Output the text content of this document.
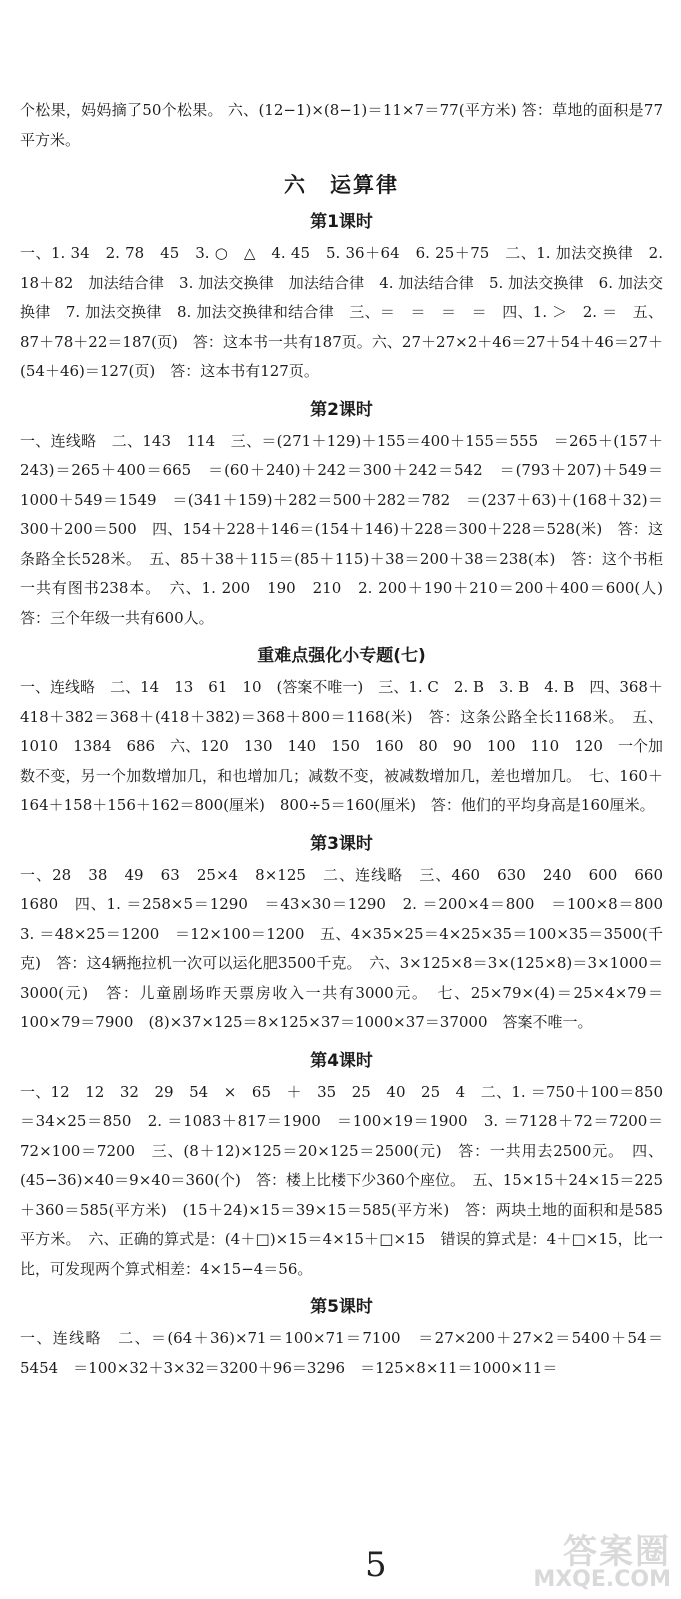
个松果，妈妈摘了50个松果。 六、(12−1)×(8−1)＝11×7＝77(平方米) 答：草地的面积是77平方米。

六　运算律
第1课时

一、1. 34　2. 78　45　3. ○　△　4. 45　5. 36＋64　6. 25＋75　二、1. 加法交换律　2. 18＋82　加法结合律　3. 加法交换律　加法结合律　4. 加法结合律　5. 加法交换律　6. 加法交换律　7. 加法交换律　8. 加法交换律和结合律　三、＝　＝　＝　＝　四、1. ＞　2. ＝　五、87＋78＋22＝187(页)　答：这本书一共有187页。六、27＋27×2＋46＝27＋54＋46＝27＋(54＋46)＝127(页)　答：这本书有127页。

第2课时

一、连线略　二、143　114　三、＝(271＋129)＋155＝400＋155＝555　＝265＋(157＋243)＝265＋400＝665　＝(60＋240)＋242＝300＋242＝542　＝(793＋207)＋549＝1000＋549＝1549　＝(341＋159)＋282＝500＋282＝782　＝(237＋63)＋(168＋32)＝300＋200＝500　四、154＋228＋146＝(154＋146)＋228＝300＋228＝528(米)　答：这条路全长528米。　五、85＋38＋115＝(85＋115)＋38＝200＋38＝238(本)　答：这个书柜一共有图书238本。　六、1. 200　190　210　2. 200＋190＋210＝200＋400＝600(人)　答：三个年级一共有600人。

重难点强化小专题(七)

一、连线略　二、14　13　61　10　(答案不唯一)　三、1. C　2. B　3. B　4. B　四、368＋418＋382＝368＋(418＋382)＝368＋800＝1168(米)　答：这条公路全长1168米。　五、1010　1384　686　六、120　130　140　150　160　80　90　100　110　120　一个加数不变，另一个加数增加几，和也增加几；减数不变，被减数增加几，差也增加几。　七、160＋164＋158＋156＋162＝800(厘米)　800÷5＝160(厘米)　答：他们的平均身高是160厘米。

第3课时

一、28　38　49　63　25×4　8×125　二、连线略　三、460　630　240　600　660　1680　四、1. ＝258×5＝1290　＝43×30＝1290　2. ＝200×4＝800　＝100×8＝800　3. ＝48×25＝1200　＝12×100＝1200　五、4×35×25＝4×25×35＝100×35＝3500(千克)　答：这4辆拖拉机一次可以运化肥3500千克。　六、3×125×8＝3×(125×8)＝3×1000＝3000(元)　答：儿童剧场昨天票房收入一共有3000元。　七、25×79×(4)＝25×4×79＝100×79＝7900　(8)×37×125＝8×125×37＝1000×37＝37000　答案不唯一。

第4课时

一、12　12　32　29　54　×　65　＋　35　25　40　25　4　二、1. ＝750＋100＝850　＝34×25＝850　2. ＝1083＋817＝1900　＝100×19＝1900　3. ＝7128＋72＝7200＝72×100＝7200　三、(8＋12)×125＝20×125＝2500(元)　答：一共用去2500元。　四、(45−36)×40＝9×40＝360(个)　答：楼上比楼下少360个座位。　五、15×15＋24×15＝225＋360＝585(平方米)　(15＋24)×15＝39×15＝585(平方米)　答：两块土地的面积和是585平方米。　六、正确的算式是：(4＋□)×15＝4×15＋□×15　错误的算式是：4＋□×15，比一比，可发现两个算式相差：4×15−4＝56。

第5课时

一、连线略　二、＝(64＋36)×71＝100×71＝7100　＝27×200＋27×2＝5400＋54＝5454　＝100×32＋3×32＝3200＋96＝3296　＝125×8×11＝1000×11＝

5	答案圈
MXQE.COM
